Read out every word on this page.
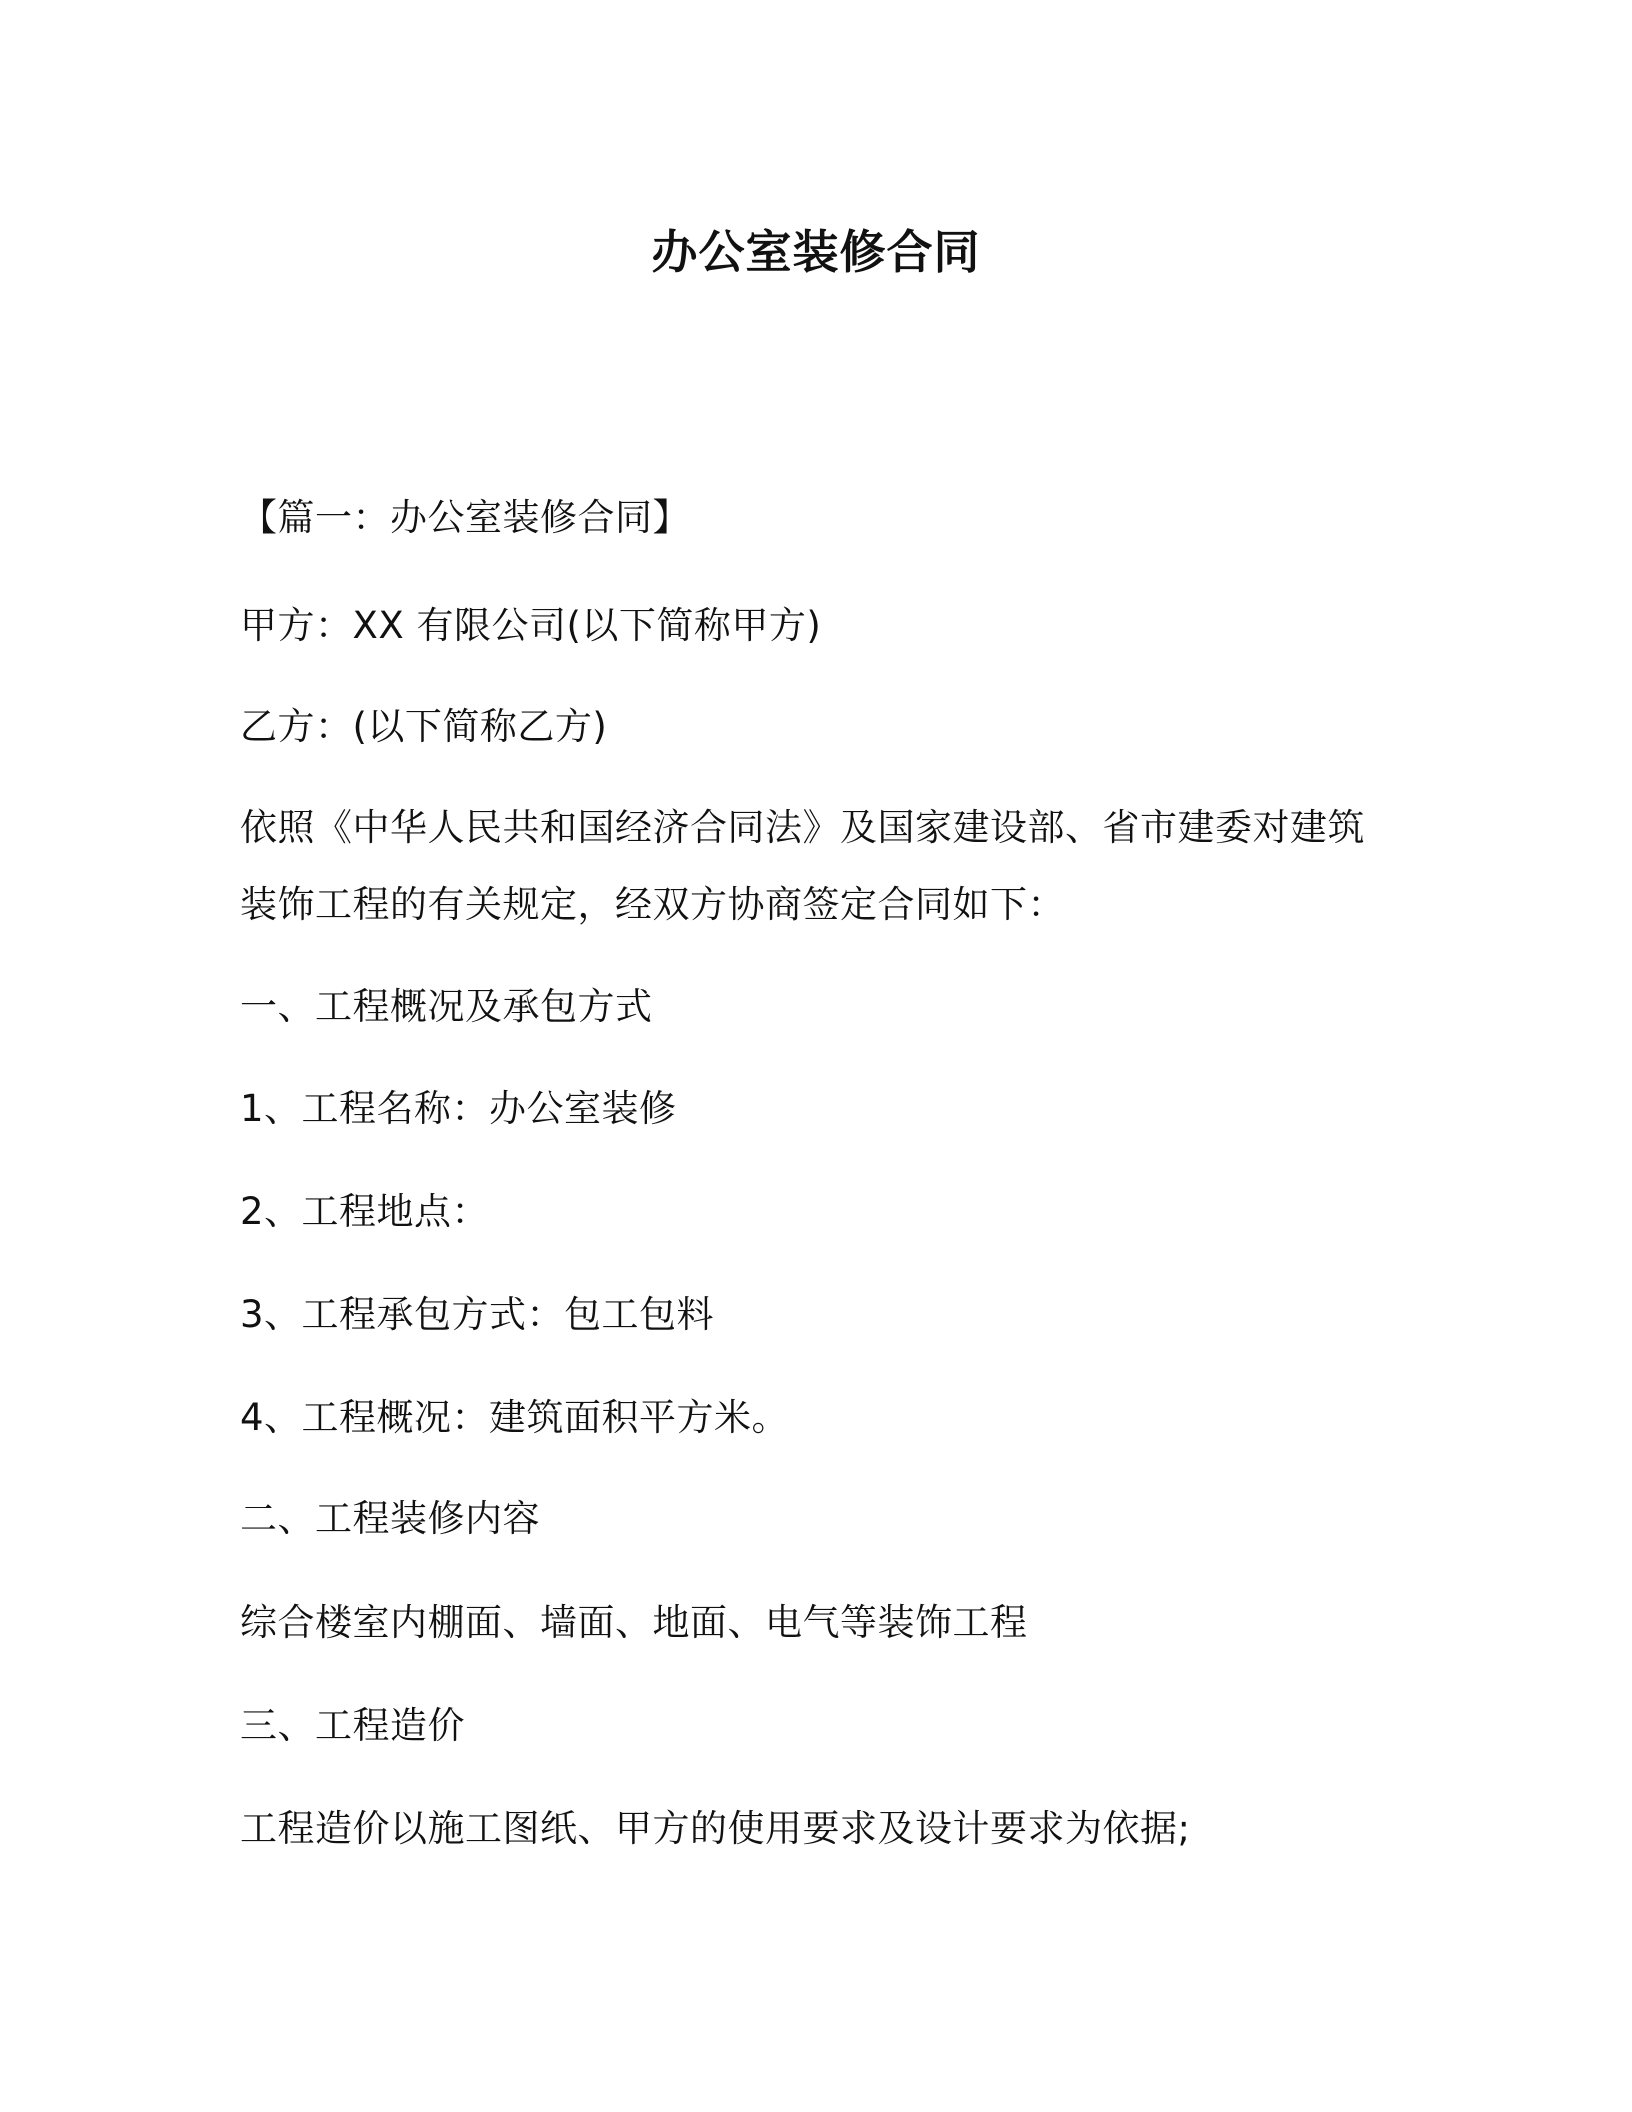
办公室装修合同
【篇一：办公室装修合同】
甲方：XX 有限公司(以下简称甲方)
乙方：(以下简称乙方)
依照《中华人民共和国经济合同法》及国家建设部、省市建委对建筑
装饰工程的有关规定，经双方协商签定合同如下：
一、工程概况及承包方式
1、工程名称：办公室装修
2、工程地点：
3、工程承包方式：包工包料
4、工程概况：建筑面积平方米。
二、工程装修内容
综合楼室内棚面、墙面、地面、电气等装饰工程
三、工程造价
工程造价以施工图纸、甲方的使用要求及设计要求为依据;
